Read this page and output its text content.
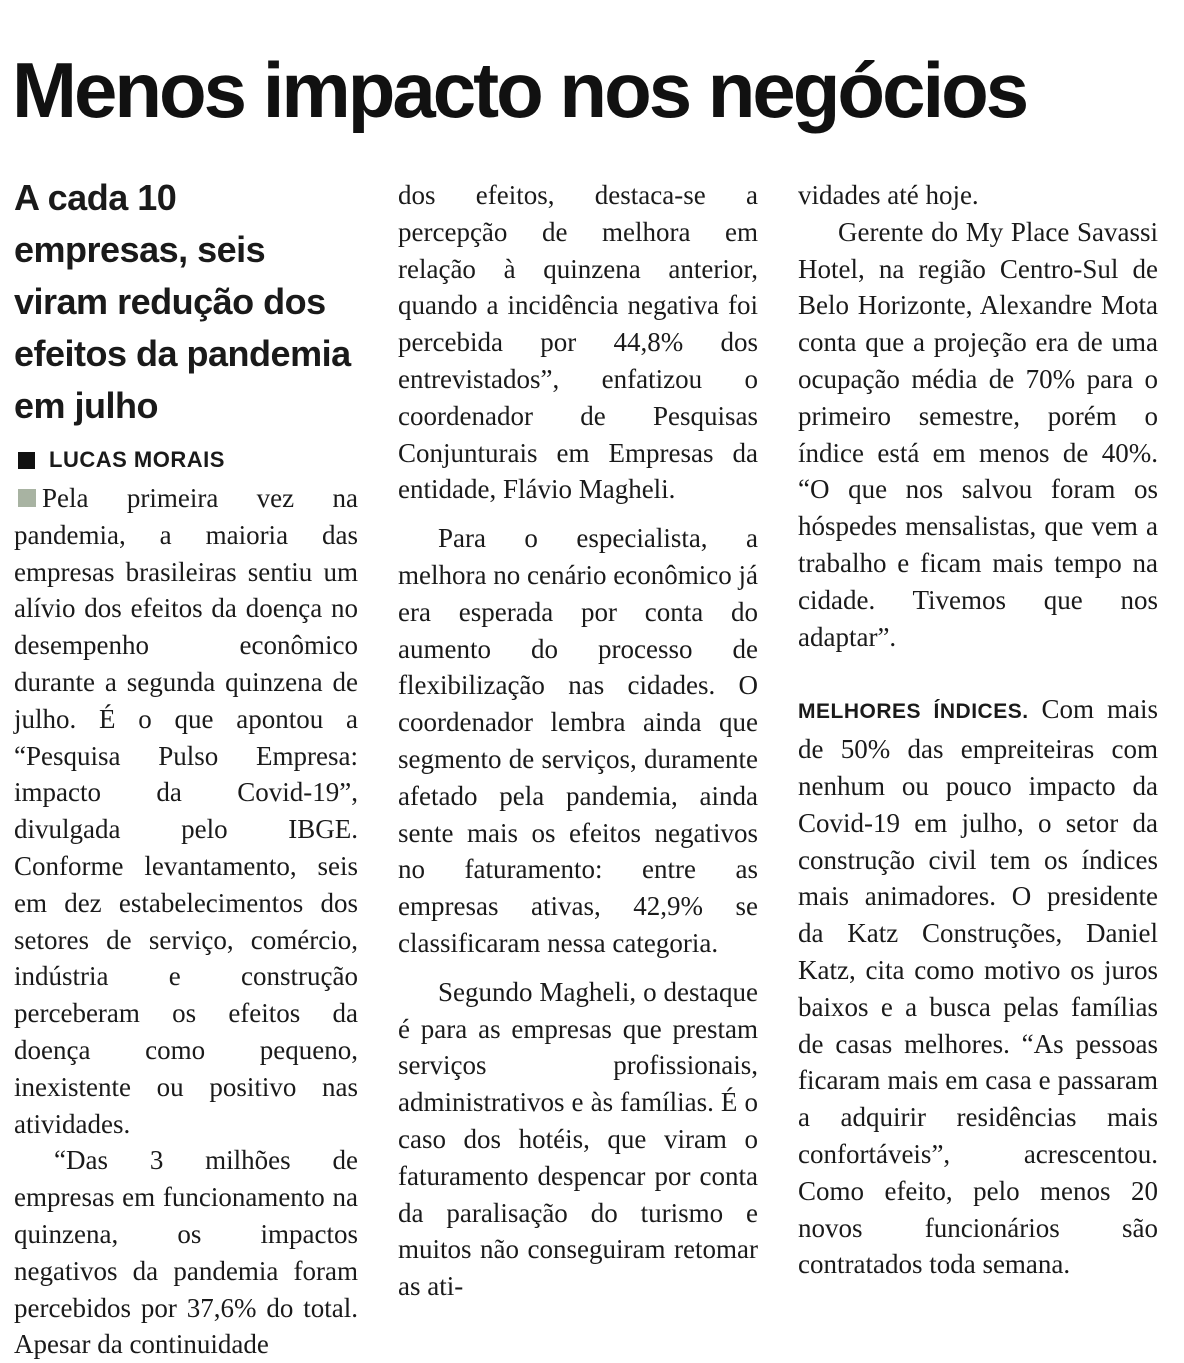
Menos impacto nos negócios
A cada 10 empresas, seis viram redução dos efeitos da pandemia em julho
LUCAS MORAIS

Pela primeira vez na pandemia, a maioria das empresas brasileiras sentiu um alívio dos efeitos da doença no desempenho econômico durante a segunda quinzena de julho. É o que apontou a “Pesquisa Pulso Empresa: impacto da Covid-19”, divulgada pelo IBGE. Conforme levantamento, seis em dez estabelecimentos dos setores de serviço, comércio, indústria e construção perceberam os efeitos da doença como pequeno, inexistente ou positivo nas atividades.

“Das 3 milhões de empresas em funcionamento na quinzena, os impactos negativos da pandemia foram percebidos por 37,6% do total. Apesar da continuidade

dos efeitos, destaca-se a percepção de melhora em relação à quinzena anterior, quando a incidência negativa foi percebida por 44,8% dos entrevistados”, enfatizou o coordenador de Pesquisas Conjunturais em Empresas da entidade, Flávio Magheli.

Para o especialista, a melhora no cenário econômico já era esperada por conta do aumento do processo de flexibilização nas cidades. O coordenador lembra ainda que segmento de serviços, duramente afetado pela pandemia, ainda sente mais os efeitos negativos no faturamento: entre as empresas ativas, 42,9% se classificaram nessa categoria.

Segundo Magheli, o destaque é para as empresas que prestam serviços profissionais, administrativos e às famílias. É o caso dos hotéis, que viram o faturamento despencar por conta da paralisação do turismo e muitos não conseguiram retomar as ati-

vidades até hoje.

Gerente do My Place Savassi Hotel, na região Centro-Sul de Belo Horizonte, Alexandre Mota conta que a projeção era de uma ocupação média de 70% para o primeiro semestre, porém o índice está em menos de 40%. “O que nos salvou foram os hóspedes mensalistas, que vem a trabalho e ficam mais tempo na cidade. Tivemos que nos adaptar”.

MELHORES ÍNDICES. Com mais de 50% das empreiteiras com nenhum ou pouco impacto da Covid-19 em julho, o setor da construção civil tem os índices mais animadores. O presidente da Katz Construções, Daniel Katz, cita como motivo os juros baixos e a busca pelas famílias de casas melhores. “As pessoas ficaram mais em casa e passaram a adquirir residências mais confortáveis”, acrescentou. Como efeito, pelo menos 20 novos funcionários são contratados toda semana.
